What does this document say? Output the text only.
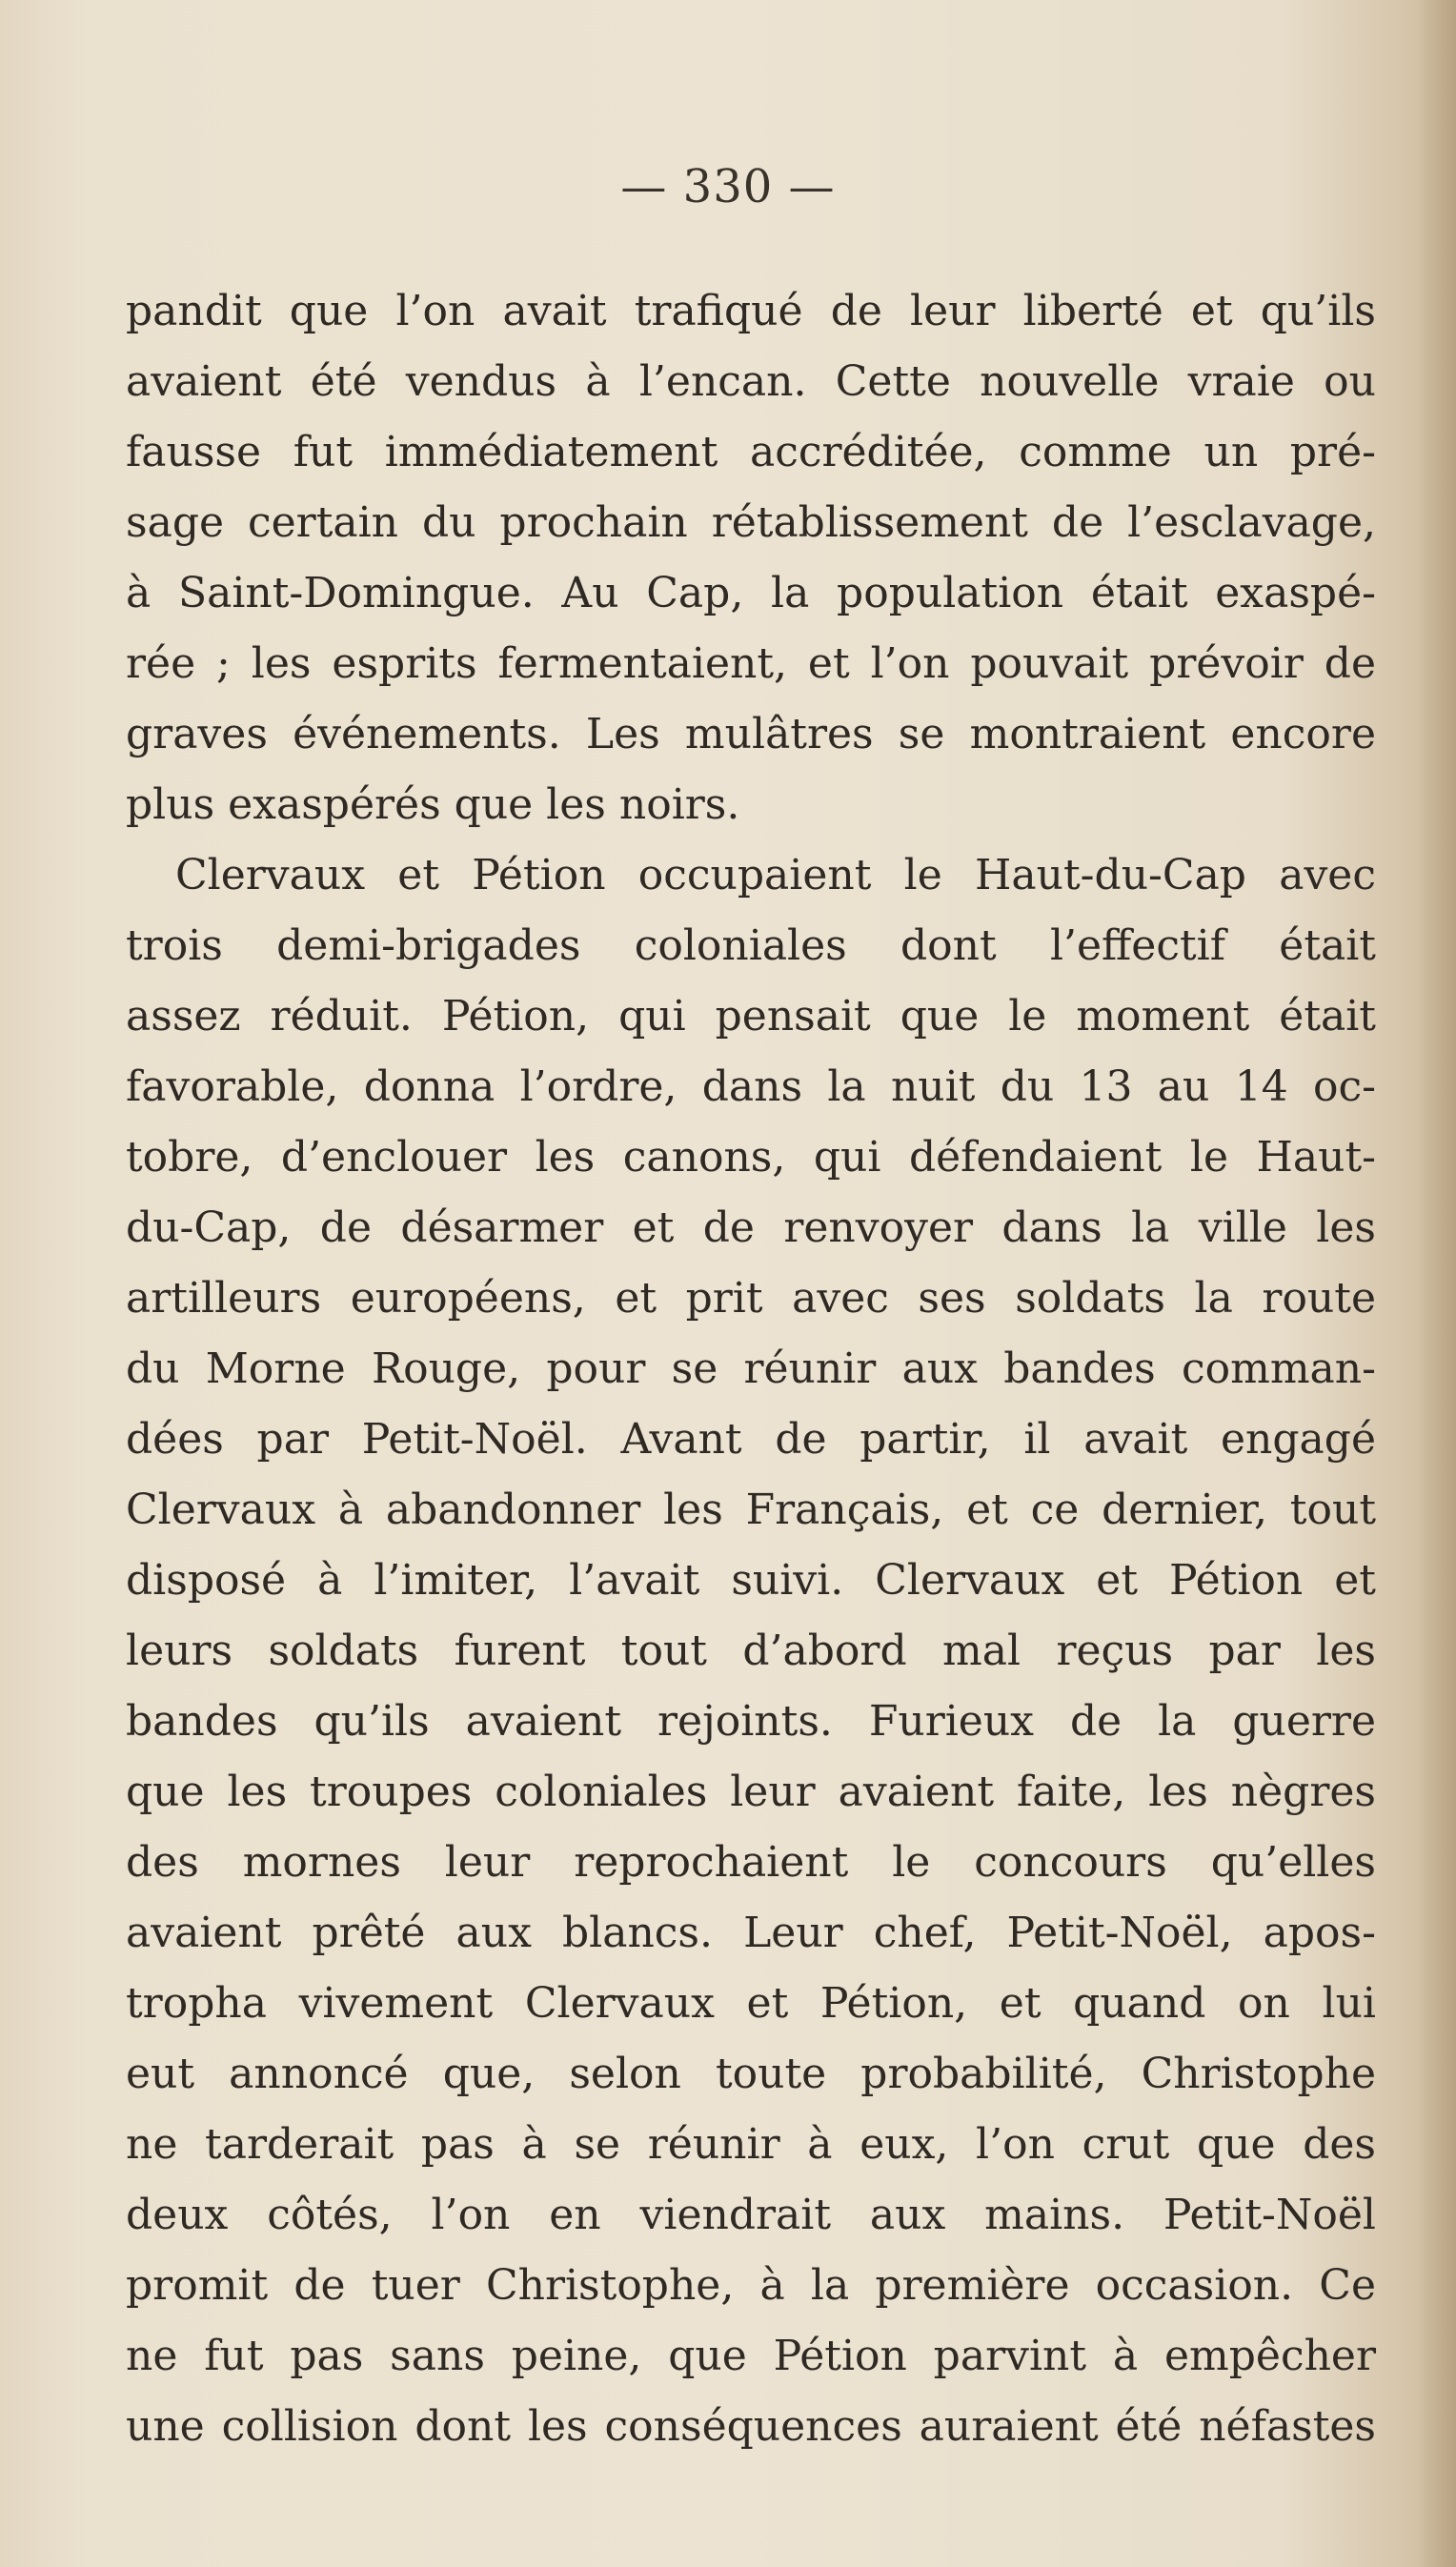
— 330 —
pandit que l’on avait trafiqué de leur liberté et qu’ils
avaient été vendus à l’encan. Cette nouvelle vraie ou
fausse fut immédiatement accréditée, comme un pré-
sage certain du prochain rétablissement de l’esclavage,
à Saint-Domingue. Au Cap, la population était exaspé-
rée ; les esprits fermentaient, et l’on pouvait prévoir de
graves événements. Les mulâtres se montraient encore
plus exaspérés que les noirs.
Clervaux et Pétion occupaient le Haut-du-Cap avec
trois demi-brigades coloniales dont l’effectif était
assez réduit. Pétion, qui pensait que le moment était
favorable, donna l’ordre, dans la nuit du 13 au 14 oc-
tobre, d’enclouer les canons, qui défendaient le Haut-
du-Cap, de désarmer et de renvoyer dans la ville les
artilleurs européens, et prit avec ses soldats la route
du Morne Rouge, pour se réunir aux bandes comman-
dées par Petit-Noël. Avant de partir, il avait engagé
Clervaux à abandonner les Français, et ce dernier, tout
disposé à l’imiter, l’avait suivi. Clervaux et Pétion et
leurs soldats furent tout d’abord mal reçus par les
bandes qu’ils avaient rejoints. Furieux de la guerre
que les troupes coloniales leur avaient faite, les nègres
des mornes leur reprochaient le concours qu’elles
avaient prêté aux blancs. Leur chef, Petit-Noël, apos-
tropha vivement Clervaux et Pétion, et quand on lui
eut annoncé que, selon toute probabilité, Christophe
ne tarderait pas à se réunir à eux, l’on crut que des
deux côtés, l’on en viendrait aux mains. Petit-Noël
promit de tuer Christophe, à la première occasion. Ce
ne fut pas sans peine, que Pétion parvint à empêcher
une collision dont les conséquences auraient été néfastes
